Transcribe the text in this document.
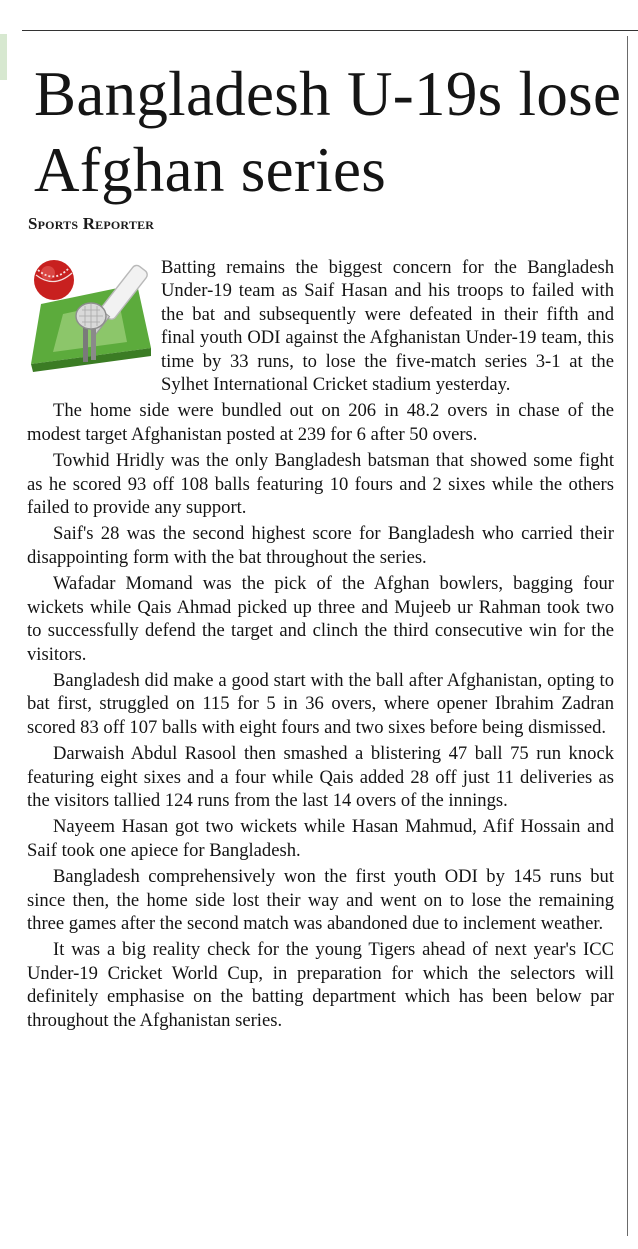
Bangladesh U-19s lose Afghan series
Sports Reporter

Batting remains the biggest concern for the Bangladesh Under-19 team as Saif Hasan and his troops to failed with the bat and subsequently were defeated in their fifth and final youth ODI against the Afghanistan Under-19 team, this time by 33 runs, to lose the five-match series 3-1 at the Sylhet International Cricket stadium yesterday.

The home side were bundled out on 206 in 48.2 overs in chase of the modest target Afghanistan posted at 239 for 6 after 50 overs.

Towhid Hridly was the only Bangladesh batsman that showed some fight as he scored 93 off 108 balls featuring 10 fours and 2 sixes while the others failed to provide any support.

Saif's 28 was the second highest score for Bangladesh who carried their disappointing form with the bat throughout the series.

Wafadar Momand was the pick of the Afghan bowlers, bagging four wickets while Qais Ahmad picked up three and Mujeeb ur Rahman took two to successfully defend the target and clinch the third consecutive win for the visitors.

Bangladesh did make a good start with the ball after Afghanistan, opting to bat first, struggled on 115 for 5 in 36 overs, where opener Ibrahim Zadran scored 83 off 107 balls with eight fours and two sixes before being dismissed.

Darwaish Abdul Rasool then smashed a blistering 47 ball 75 run knock featuring eight sixes and a four while Qais added 28 off just 11 deliveries as the visitors tallied 124 runs from the last 14 overs of the innings.

Nayeem Hasan got two wickets while Hasan Mahmud, Afif Hossain and Saif took one apiece for Bangladesh.

Bangladesh comprehensively won the first youth ODI by 145 runs but since then, the home side lost their way and went on to lose the remaining three games after the second match was abandoned due to inclement weather.

It was a big reality check for the young Tigers ahead of next year's ICC Under-19 Cricket World Cup, in preparation for which the selectors will definitely emphasise on the batting department which has been below par throughout the Afghanistan series.
